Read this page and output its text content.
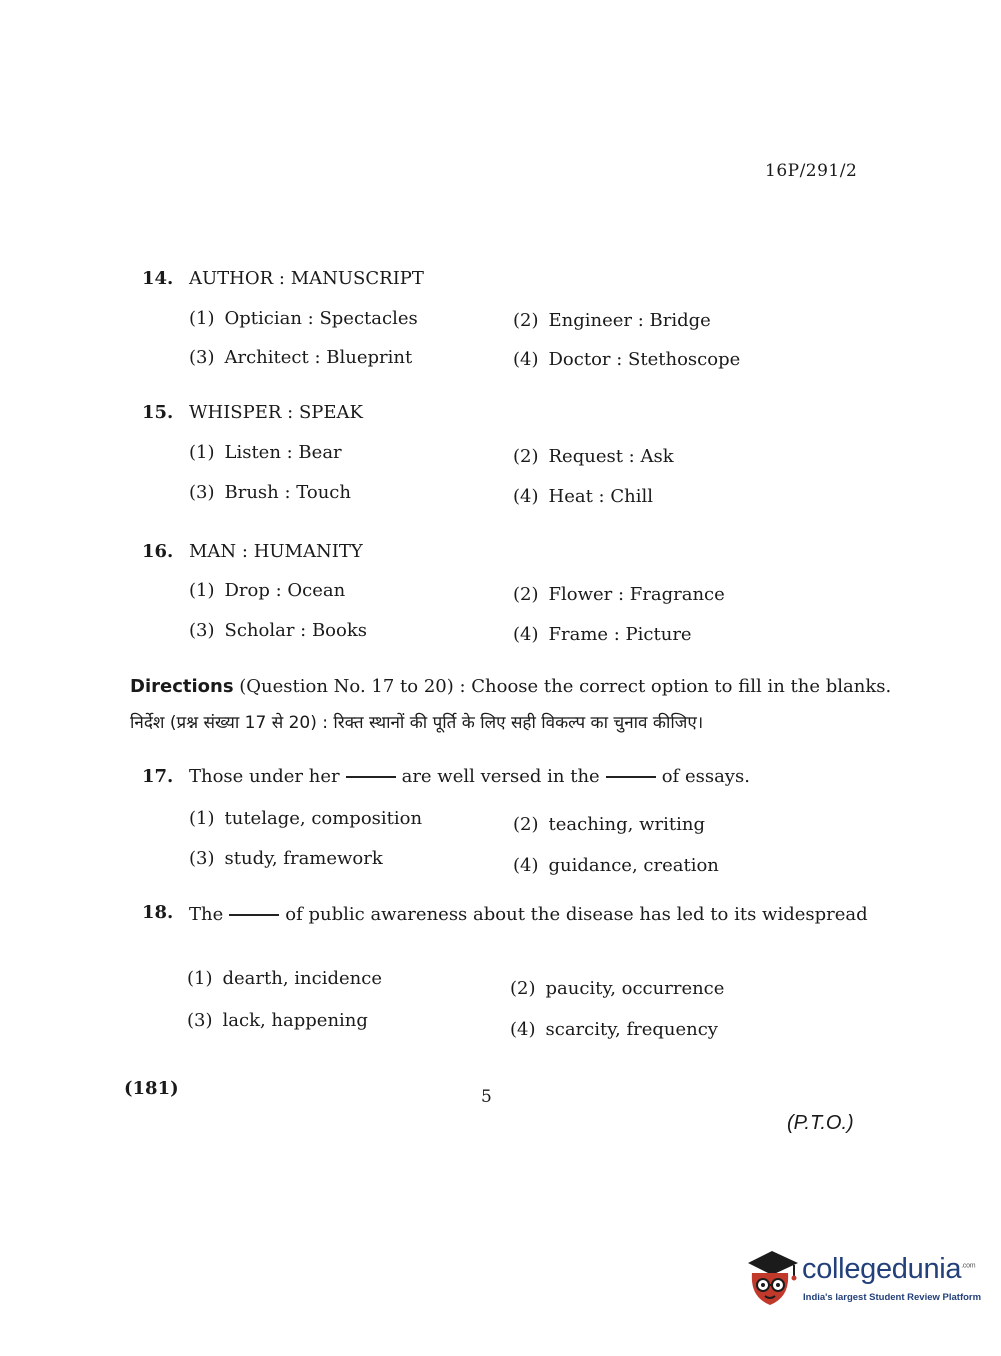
16P/291/2
14. AUTHOR : MANUSCRIPT
(1) Optician : Spectacles	(2) Engineer : Bridge
(3) Architect : Blueprint	(4) Doctor : Stethoscope
15. WHISPER : SPEAK
(1) Listen : Bear	(2) Request : Ask
(3) Brush : Touch	(4) Heat : Chill
16. MAN : HUMANITY
(1) Drop : Ocean	(2) Flower : Fragrance
(3) Scholar : Books	(4) Frame : Picture
Directions (Question No. 17 to 20) : Choose the correct option to fill in the blanks.
निर्देश (प्रश्न संख्या 17 से 20) : रिक्त स्थानों की पूर्ति के लिए सही विकल्प का चुनाव कीजिए।
17. Those under her	are well versed in the	of essays.
(1) tutelage, composition	(2) teaching, writing
(3) study, framework	(4) guidance, creation
18. The	of public awareness about the disease has led to its widespread
(1) dearth, incidence	(2) paucity, occurrence
(3) lack, happening	(4) scarcity, frequency
(181)	5
(P.T.O.)
collegedunia$^{.com}$
India's largest Student Review Platform
